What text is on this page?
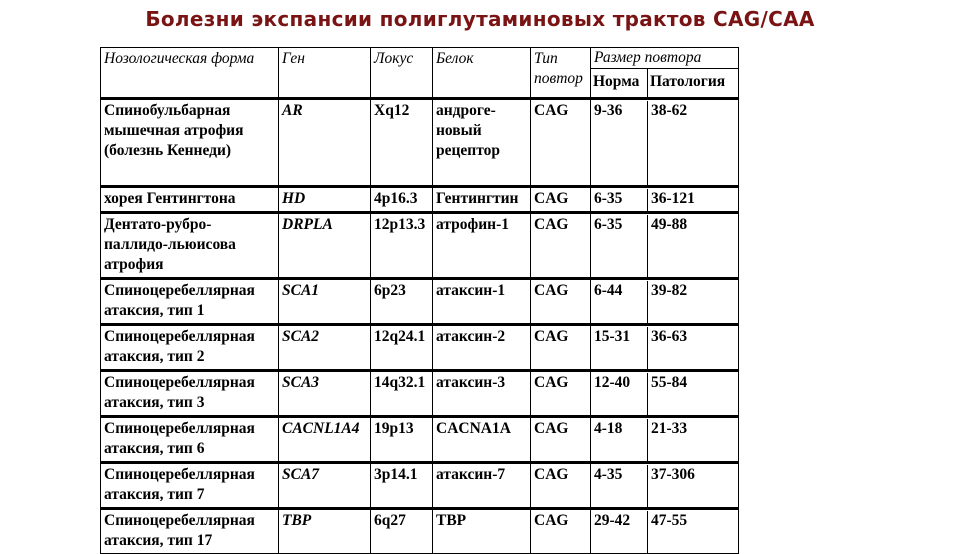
Болезни экспансии полиглутаминовых трактов CAG/CAA
Нозологическая форма	Ген	Локус	Белок	Тип повтор	Размер повтора
Норма Патология

Спинобульбарная мышечная атрофия (болезнь Кеннеди)	AR	Xq12	андроге-новый рецептор	CAG	9-36 38-62

хорея Гентингтона	HD	4p16.3	Гентингтин	CAG	6-35 36-121

Дентато-рубро-паллидо-льюисова атрофия	DRPLA	12p13.3	атрофин-1	CAG	6-35 49-88

Спиноцеребеллярная атаксия, тип 1	SCA1	6p23	атаксин-1	CAG	6-44 39-82

Спиноцеребеллярная атаксия, тип 2	SCA2	12q24.1	атаксин-2	CAG	15-31 36-63

Спиноцеребеллярная атаксия, тип 3	SCA3	14q32.1	атаксин-3	CAG	12-40 55-84

Спиноцеребеллярная атаксия, тип 6	CACNL1A4	19p13	CACNA1A	CAG	4-18 21-33

Спиноцеребеллярная атаксия, тип 7	SCA7	3p14.1	атаксин-7	CAG	4-35 37-306

Спиноцеребеллярная атаксия, тип 17	TBP	6q27	TBP	CAG	29-42 47-55
